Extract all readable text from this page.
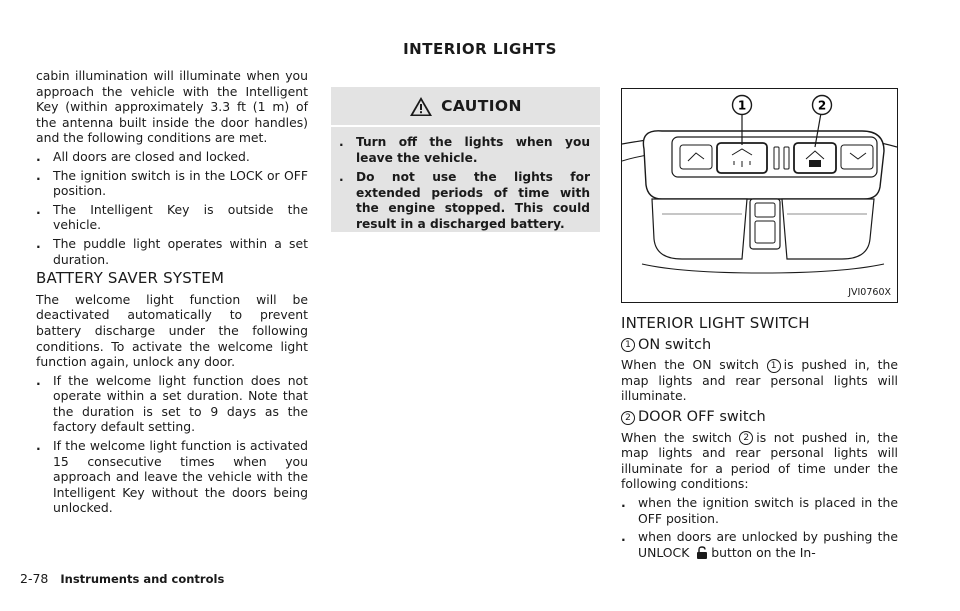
INTERIOR LIGHTS

cabin illumination will illuminate when you approach the vehicle with the Intelligent Key (within approximately 3.3 ft (1 m) of the antenna built inside the door handles) and the following conditions are met.

. All doors are closed and locked.
. The ignition switch is in the LOCK or OFF position.
. The Intelligent Key is outside the vehicle.
. The puddle light operates within a set duration.
BATTERY SAVER SYSTEM

The welcome light function will be deactivated automatically to prevent battery discharge under the following conditions. To activate the welcome light function again, unlock any door.

. If the welcome light function does not operate within a set duration. Note that the duration is set to 9 days as the factory default setting.
. If the welcome light function is activated 15 consecutive times when you approach and leave the vehicle with the Intelligent Key without the doors being unlocked.
CAUTION
. Turn off the lights when you leave the vehicle.
. Do not use the lights for extended periods of time with the engine stopped. This could result in a discharged battery.
1	2
JVI0760X
INTERIOR LIGHT SWITCH
1 ON switch

When the ON switch 1 is pushed in, the map lights and rear personal lights will illuminate.

2 DOOR OFF switch

When the switch 2 is not pushed in, the map lights and rear personal lights will illuminate for a period of time under the following conditions:

. when the ignition switch is placed in the OFF position.
. when doors are unlocked by pushing the UNLOCK button on the In-
2-78 Instruments and controls
